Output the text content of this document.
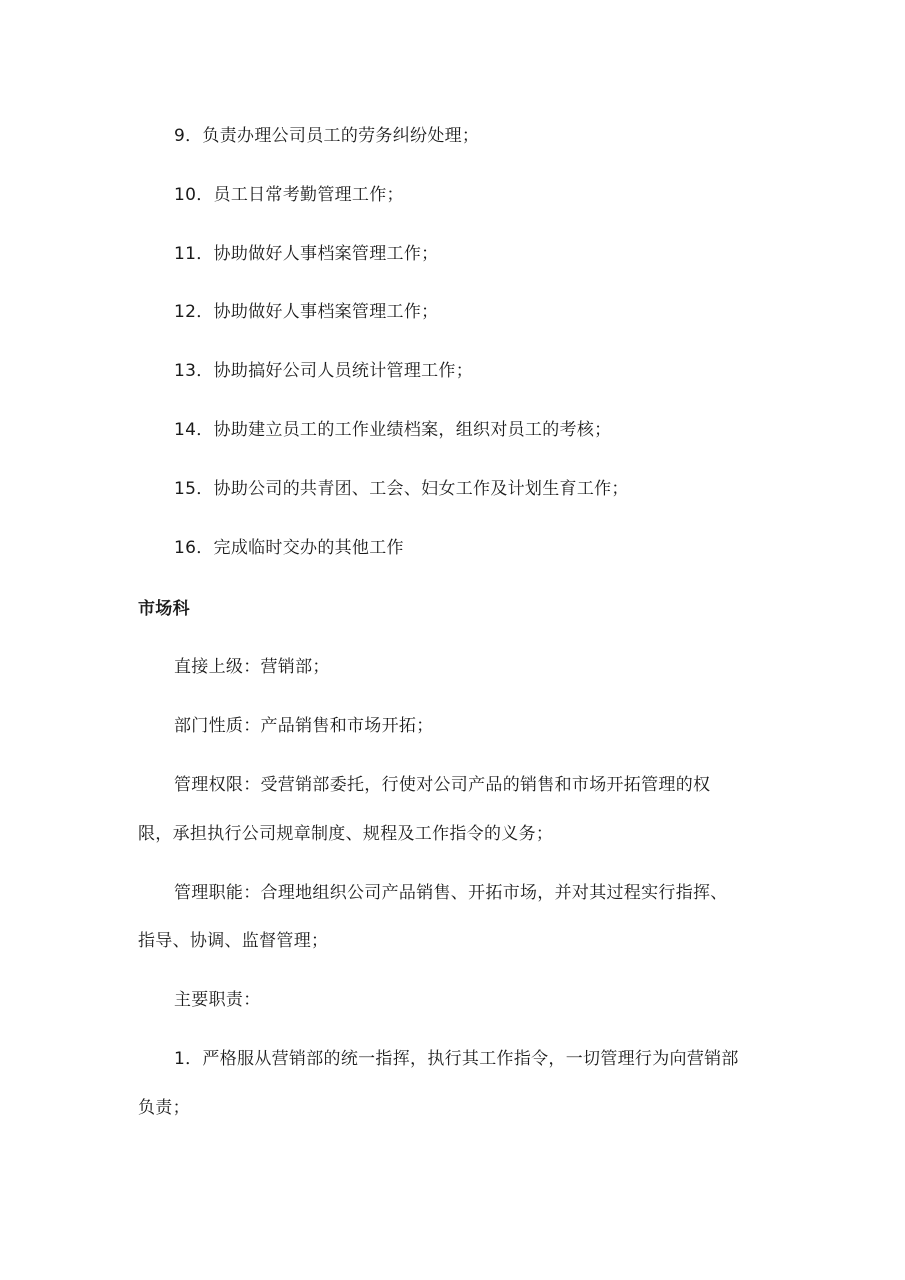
9．负责办理公司员工的劳务纠纷处理；
10．员工日常考勤管理工作；
11．协助做好人事档案管理工作；
12．协助做好人事档案管理工作；
13．协助搞好公司人员统计管理工作；
14．协助建立员工的工作业绩档案，组织对员工的考核；
15．协助公司的共青团、工会、妇女工作及计划生育工作；
16．完成临时交办的其他工作
市场科
直接上级：营销部；
部门性质：产品销售和市场开拓；
管理权限：受营销部委托，行使对公司产品的销售和市场开拓管理的权
限，承担执行公司规章制度、规程及工作指令的义务；
管理职能：合理地组织公司产品销售、开拓市场，并对其过程实行指挥、
指导、协调、监督管理；
主要职责：
1．严格服从营销部的统一指挥，执行其工作指令，一切管理行为向营销部
负责；
